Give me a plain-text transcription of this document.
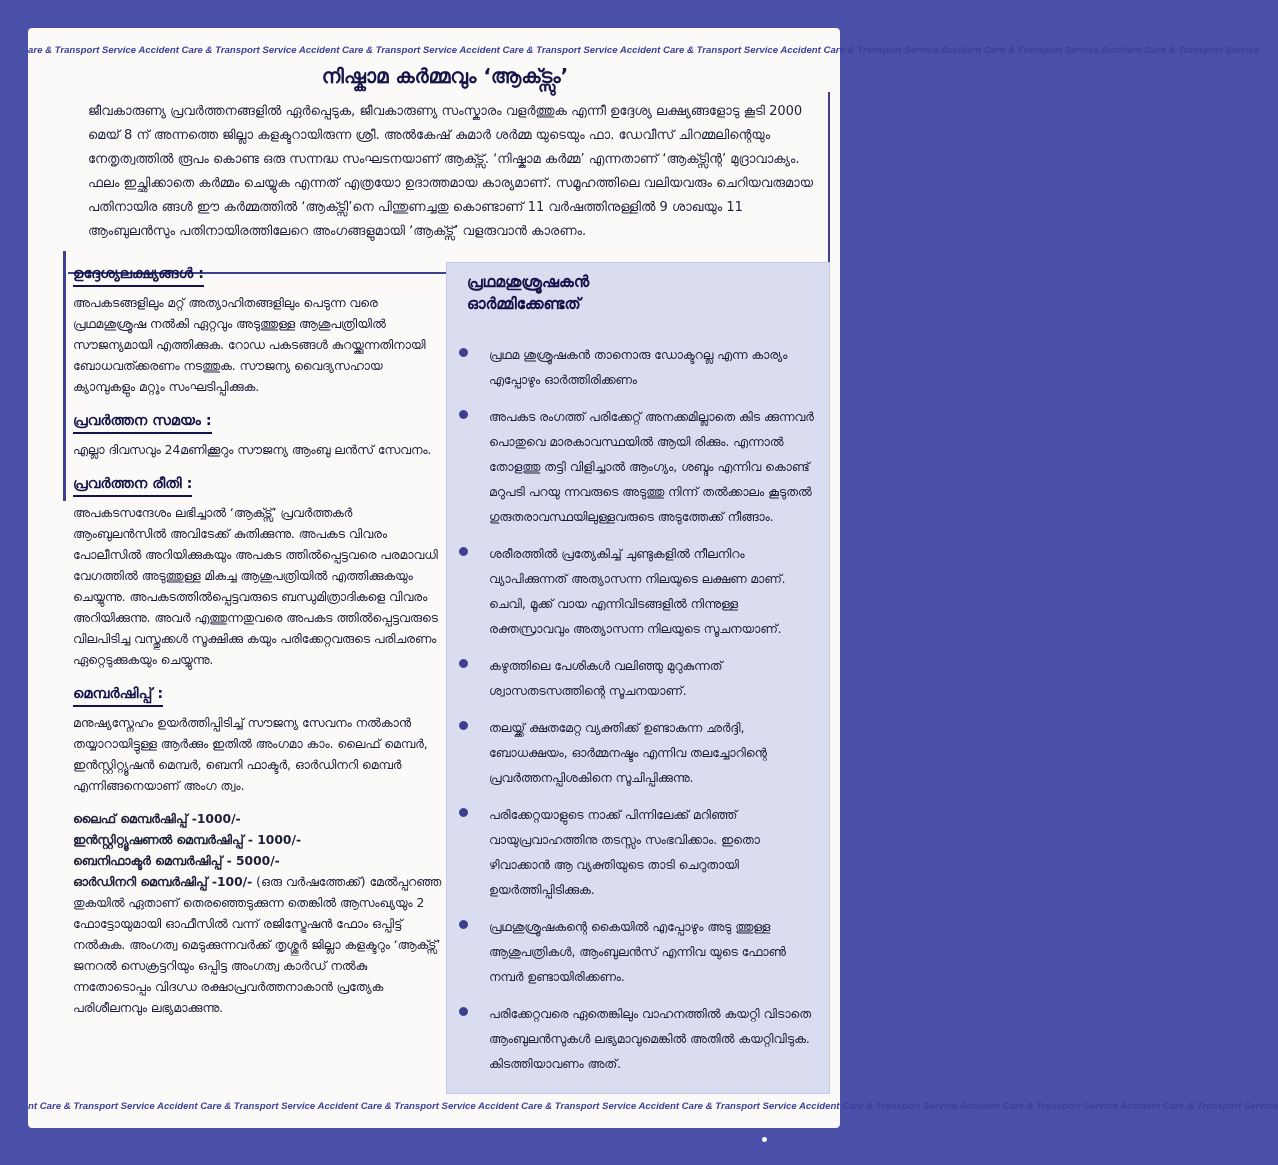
are & Transport Service Accident Care & Transport Service Accident Care & Transport Service Accident Care & Transport Service Accident Care & Transport Service Accident Care & Transport Service Accident Care & Transport Service Accident Care & Transport Service
നിഷ്കാമ കർമ്മവും ‘ആക്ട്സും’
ജീവകാരുണ്യ പ്രവർത്തനങ്ങളിൽ ഏർപ്പെടുക, ജീവകാരുണ്യ സംസ്കാരം വളർത്തുക എന്നീ ഉദ്ദേശ്യ ലക്ഷ്യങ്ങളോടു കൂടി 2000 മെയ് 8 ന് അന്നത്തെ ജില്ലാ കളക്ടറായിരുന്ന ശ്രീ. അൽകേഷ് കുമാർ ശർമ്മ യുടെയും ഫാ. ഡേവീസ് ചിറമ്മലിന്റെയും നേതൃത്വത്തിൽ രൂപം കൊണ്ട ഒരു സന്നദ്ധ സംഘടനയാണ് ആക്ട്സ്. ‘നിഷ്കാമ കർമ്മ’ എന്നതാണ് ‘ആക്ട്സിന്റ’ മുദ്രാവാക്യം. ഫലം ഇച്ഛിക്കാതെ കർമ്മം ചെയ്യുക എന്നത് എത്രയോ ഉദാത്തമായ കാര്യമാണ്. സമൂഹത്തിലെ വലിയവരും ചെറിയവരുമായ പതിനായിര ങ്ങൾ ഈ കർമ്മത്തിൽ ‘ആക്ട്സി’നെ പിന്തുണച്ചതു കൊണ്ടാണ് 11 വർഷത്തിനുള്ളിൽ 9 ശാഖയും 11 ആംബുലൻസും പതിനായിരത്തിലേറെ അംഗങ്ങളുമായി ‘ആക്ട്സ്’ വളരുവാൻ കാരണം.
ഉദ്ദേശ്യലക്ഷ്യങ്ങൾ :

അപകടങ്ങളിലും മറ്റ് അത്യാഹിതങ്ങളിലും പെടുന്ന വരെ പ്രഥമശുശ്രൂഷ നൽകി ഏറ്റവും അടുത്തുള്ള ആശുപത്രിയിൽ സൗജന്യമായി എത്തിക്കുക. റോഡ പകടങ്ങൾ കുറയ്ക്കുന്നതിനായി ബോധവത്ക്കരണം നടത്തുക. സൗജന്യ വൈദ്യസഹായ ക്യാമ്പുകളും മറ്റും സംഘടിപ്പിക്കുക.

പ്രവർത്തന സമയം :

എല്ലാ ദിവസവും 24മണിക്കൂറും സൗജന്യ ആംബു ലൻസ് സേവനം.

പ്രവർത്തന രീതി :

അപകടസന്ദേശം ലഭിച്ചാൽ ‘ആക്ട്സ്’ പ്രവർത്തകർ ആംബുലൻസിൽ അവിടേക്ക് കുതിക്കുന്നു. അപകട വിവരം പോലീസിൽ അറിയിക്കുകയും അപകട ത്തിൽപ്പെട്ടവരെ പരമാവധി വേഗത്തിൽ അടുത്തുള്ള മികച്ച ആശുപത്രിയിൽ എത്തിക്കുകയും ചെയ്യുന്നു. അപകടത്തിൽപ്പെട്ടവരുടെ ബന്ധുമിത്രാദികളെ വിവരം അറിയിക്കുന്നു. അവർ എത്തുന്നതുവരെ അപകട ത്തിൽപ്പെട്ടവരുടെ വിലപിടിച്ച വസ്തുക്കൾ സൂക്ഷിക്കു കയും പരിക്കേറ്റവരുടെ പരിചരണം ഏറ്റെടുക്കുകയും ചെയ്യുന്നു.

മെമ്പർഷിപ്പ് :

മനുഷ്യസ്നേഹം ഉയർത്തിപ്പിടിച്ച് സൗജന്യ സേവനം നൽകാൻ തയ്യാറായിട്ടുള്ള ആർക്കും ഇതിൽ അംഗമാ കാം. ലൈഫ് മെമ്പർ, ഇൻസ്റ്റിറ്റ്യൂഷൻ മെമ്പർ, ബെനി ഫാക്ടർ, ഓർഡിനറി മെമ്പർ എന്നിങ്ങനെയാണ് അംഗ ത്വം.

ലൈഫ് മെമ്പർഷിപ്പ് -1000/-
ഇൻസ്റ്റിറ്റ്യൂഷണൽ മെമ്പർഷിപ്പ് - 1000/-
ബെനിഫാക്ടർ മെമ്പർഷിപ്പ് - 5000/-

ഓർഡിനറി മെമ്പർഷിപ്പ് -100/- (ഒരു വർഷത്തേക്ക്) മേൽപ്പറഞ്ഞ തുകയിൽ ഏതാണ് തെരഞ്ഞെടുക്കുന്ന തെങ്കിൽ ആസംഖ്യയും 2 ഫോട്ടോയുമായി ഓഫീസിൽ വന്ന് രജിസ്ട്രേഷൻ ഫോം ഒപ്പിട്ട് നൽകുക. അംഗത്വ മെടുക്കുന്നവർക്ക് തൃശ്ശൂർ ജില്ലാ കളക്ടറും ‘ആക്ട്സ്’ ജനറൽ സെക്രട്ടറിയും ഒപ്പിട്ട അംഗത്വ കാർഡ് നൽകു ന്നതോടൊപ്പം വിദഗ്ധ രക്ഷാപ്രവർത്തനാകാൻ പ്രത്യേക പരിശീലനവും ലഭ്യമാക്കുന്നു.

പ്രഥമശുശ്രൂഷകൻ ഓർമ്മിക്കേണ്ടത്
പ്രഥമ ശുശ്രൂഷകൻ താനൊരു ഡോക്ടറല്ല എന്ന കാര്യം എപ്പോഴും ഓർത്തിരിക്കണം
അപകട രംഗത്ത് പരിക്കേറ്റ് അനക്കമില്ലാതെ കിട ക്കുന്നവർ പൊതുവെ മാരകാവസ്ഥയിൽ ആയി രിക്കും. എന്നാൽ തോളത്തു തട്ടി വിളിച്ചാൽ ആംഗ്യം, ശബ്ദം എന്നിവ കൊണ്ട് മറുപടി പറയു ന്നവരുടെ അടുത്തു നിന്ന് തൽക്കാലം കൂടുതൽ ഗുരുതരാവസ്ഥയിലുള്ളവരുടെ അടുത്തേക്ക് നീങ്ങാം.
ശരീരത്തിൽ പ്രത്യേകിച്ച് ചുണ്ടുകളിൽ നീലനിറം വ്യാപിക്കുന്നത് അത്യാസന്ന നിലയുടെ ലക്ഷണ മാണ്. ചെവി, മൂക്ക് വായ എന്നിവിടങ്ങളിൽ നിന്നുള്ള രക്തസ്രാവവും അത്യാസന്ന നിലയുടെ സൂചനയാണ്.
കഴുത്തിലെ പേശികൾ വലിഞ്ഞു മുറുകുന്നത് ശ്വാസതടസത്തിന്റെ സൂചനയാണ്.
തലയ്ക്ക് ക്ഷതമേറ്റ വ്യക്തിക്ക് ഉണ്ടാകുന്ന ഛർദ്ദി, ബോധക്ഷയം, ഓർമ്മനഷ്ടം എന്നിവ തലച്ചോറിന്റെ പ്രവർത്തനപ്പിശകിനെ സൂചിപ്പിക്കുന്നു.
പരിക്കേറ്റയാളുടെ നാക്ക് പിന്നിലേക്ക് മറിഞ്ഞ് വായുപ്രവാഹത്തിനു തടസ്സം സംഭവിക്കാം. ഇതൊ ഴിവാക്കാൻ ആ വ്യക്തിയുടെ താടി ചെറുതായി ഉയർത്തിപ്പിടിക്കുക.
പ്രഥശുശ്രൂഷകന്റെ കൈയിൽ എപ്പോഴും അടു ത്തുള്ള ആശുപത്രികൾ, ആംബുലൻസ് എന്നിവ യുടെ ഫോൺ നമ്പർ ഉണ്ടായിരിക്കണം.
പരിക്കേറ്റവരെ ഏതെങ്കിലും വാഹനത്തിൽ കയറ്റി വിടാതെ ആംബുലൻസുകൾ ലഭ്യമാവുമെങ്കിൽ അതിൽ കയറ്റിവിടുക. കിടത്തിയാവണം അത്.
nt Care & Transport Service Accident Care & Transport Service Accident Care & Transport Service Accident Care & Transport Service Accident Care & Transport Service Accident Care & Transport Service Accident Care & Transport Service Accident Care & Transport Service
